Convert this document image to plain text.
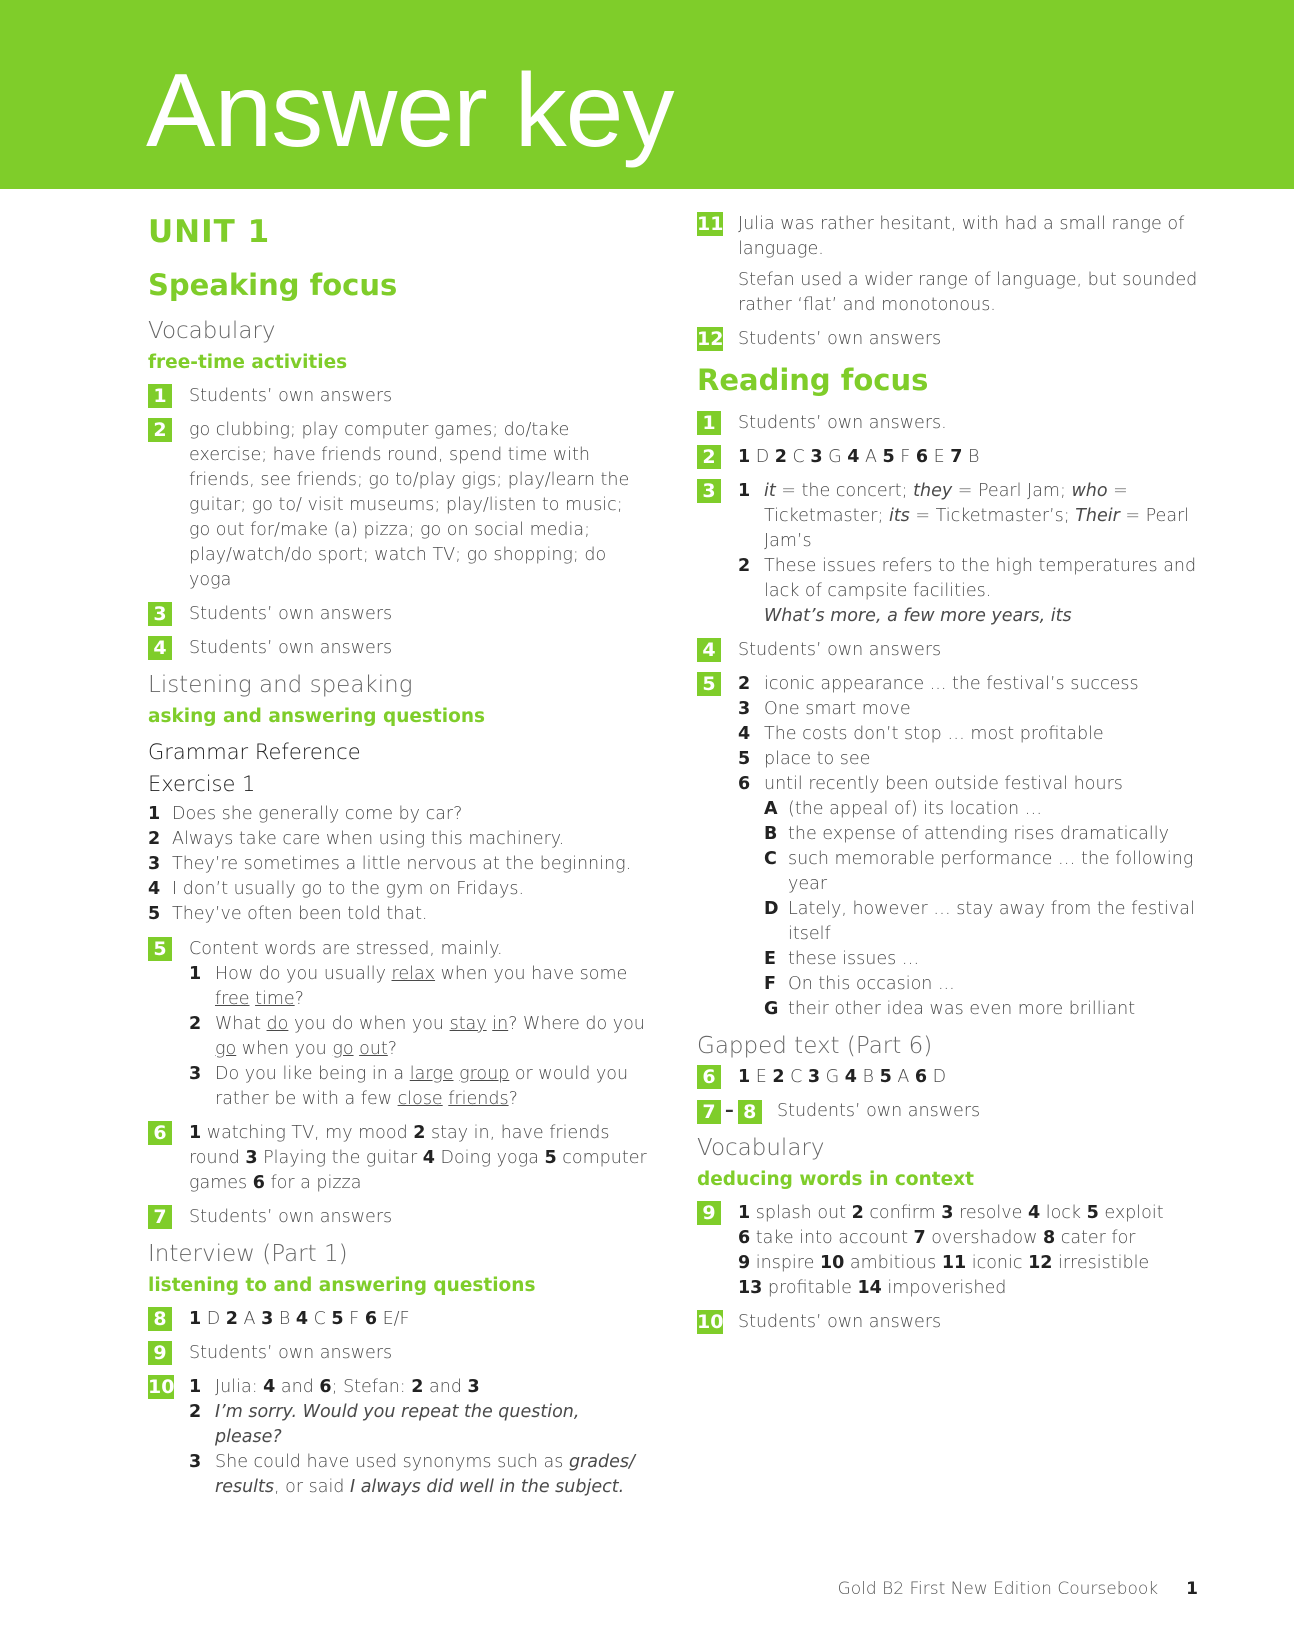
Answer key
UNIT 1
Speaking focus
Vocabulary
free-time activities
1	Students’ own answers
2	go clubbing; play computer games; do/take exercise; have friends round, spend time with friends, see friends; go to/play gigs; play/learn the guitar; go to/ visit museums; play/listen to music; go out for/make (a) pizza; go on social media; play/watch/do sport; watch TV; go shopping; do yoga
3	Students’ own answers
4	Students’ own answers
Listening and speaking
asking and answering questions
Grammar Reference
Exercise 1
1 Does she generally come by car?
2 Always take care when using this machinery.
3 They’re sometimes a little nervous at the beginning.
4 I don’t usually go to the gym on Fridays.
5 They’ve often been told that.
5	Content words are stressed, mainly.
1 How do you usually relax when you have some free time?
2 What do you do when you stay in? Where do you go when you go out?
3 Do you like being in a large group or would you rather be with a few close friends?
6	1 watching TV, my mood 2 stay in, have friends round 3 Playing the guitar 4 Doing yoga 5 computer games 6 for a pizza
7	Students’ own answers
Interview (Part 1)
listening to and answering questions
8	1 D 2 A 3 B 4 C 5 F 6 E/F
9	Students’ own answers
10 1 Julia: 4 and 6; Stefan: 2 and 3
2 I’m sorry. Would you repeat the question, please?
3 She could have used synonyms such as grades/ results, or said I always did well in the subject.
11 Julia was rather hesitant, with had a small range of language.
Stefan used a wider range of language, but sounded rather ‘flat’ and monotonous.
12 Students’ own answers
Reading focus
1	Students’ own answers.
2	1 D 2 C 3 G 4 A 5 F 6 E 7 B
3	1 it = the concert; they = Pearl Jam; who = Ticketmaster; its = Ticketmaster’s; Their = Pearl Jam’s
2 These issues refers to the high temperatures and lack of campsite facilities.
What’s more, a few more years, its
4	Students’ own answers
5	2 iconic appearance ... the festival’s success
3 One smart move
4 The costs don’t stop … most profitable
5 place to see
6 until recently been outside festival hours
A (the appeal of) its location …
B the expense of attending rises dramatically
C such memorable performance … the following year
D Lately, however … stay away from the festival itself
E these issues …
F On this occasion ...
G their other idea was even more brilliant
Gapped text (Part 6)
6	1 E 2 C 3 G 4 B 5 A 6 D
7 – 8	Students’ own answers
Vocabulary
deducing words in context
9	1 splash out 2 confirm 3 resolve 4 lock 5 exploit
6 take into account 7 overshadow 8 cater for
9 inspire 10 ambitious 11 iconic 12 irresistible
13 profitable 14 impoverished
10 Students’ own answers
Gold B2 First New Edition Coursebook 1
